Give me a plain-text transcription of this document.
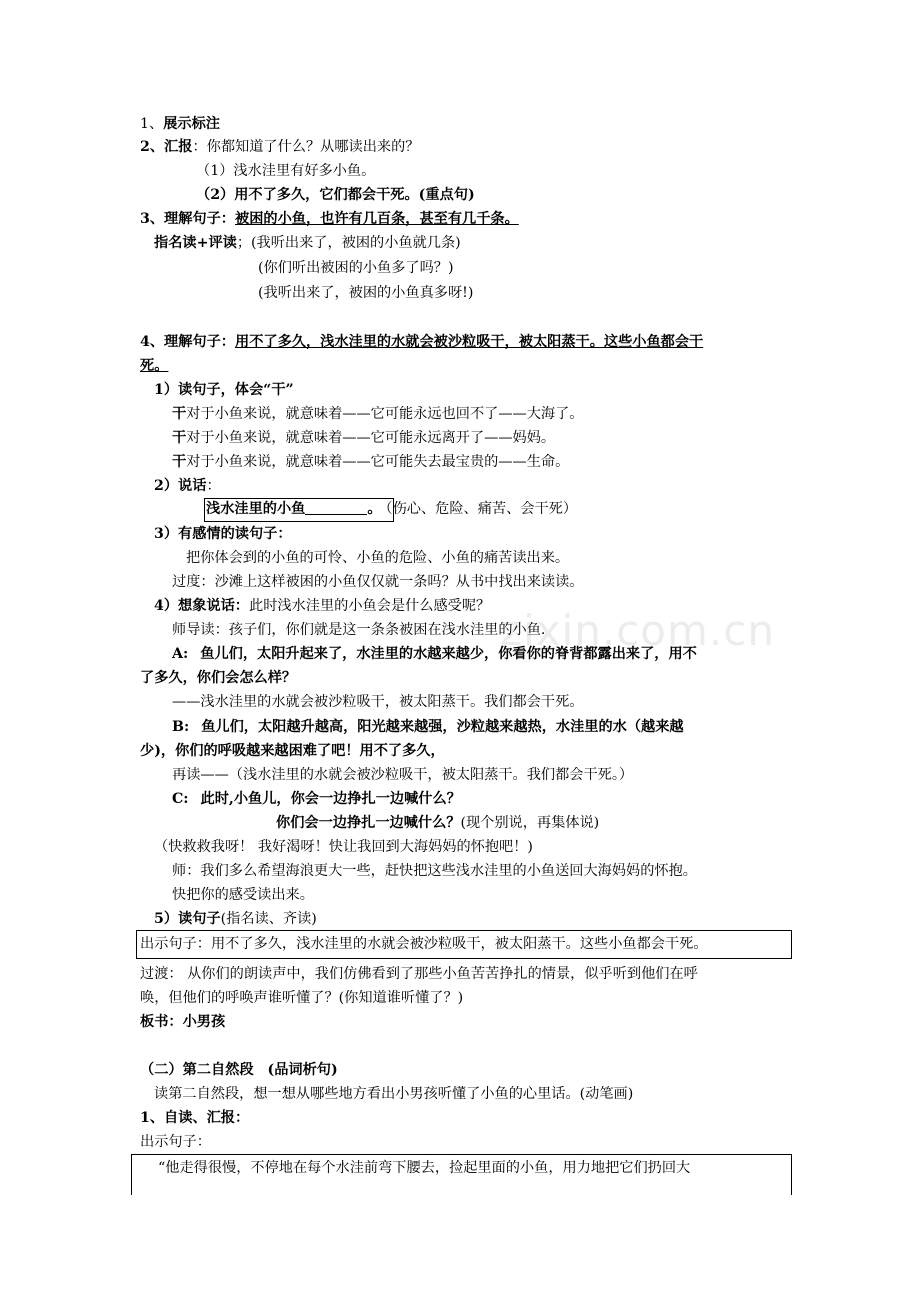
zixin.com.cn
1、展示标注
2、汇报：你都知道了什么？从哪读出来的？
（1）浅水洼里有好多小鱼。
（2）用不了多久，它们都会干死。(重点句)
3、理解句子：被困的小鱼，也许有几百条，甚至有几千条。
指名读+评读；(我听出来了，被困的小鱼就几条)
(你们听出被困的小鱼多了吗？)
(我听出来了，被困的小鱼真多呀!)
4、理解句子：用不了多久，浅水洼里的水就会被沙粒吸干，被太阳蒸干。这些小鱼都会干
死。
1）读句子，体会“干”
干对于小鱼来说，就意味着——它可能永远也回不了——大海了。
干对于小鱼来说，就意味着——它可能永远离开了——妈妈。
干对于小鱼来说，就意味着——它可能失去最宝贵的——生命。
2）说话：
浅水洼里的小鱼	。 （伤心、危险、痛苦、会干死）
3）有感情的读句子：
把你体会到的小鱼的可怜、小鱼的危险、小鱼的痛苦读出来。
过度：沙滩上这样被困的小鱼仅仅就一条吗？从书中找出来读读。
4）想象说话：此时浅水洼里的小鱼会是什么感受呢？
师导读：孩子们，你们就是这一条条被困在浅水洼里的小鱼.
A: 鱼儿们，太阳升起来了，水洼里的水越来越少，你看你的脊背都露出来了，用不
了多久，你们会怎么样？
——浅水洼里的水就会被沙粒吸干，被太阳蒸干。我们都会干死。
B: 鱼儿们，太阳越升越高，阳光越来越强，沙粒越来越热，水洼里的水（越来越
少)，你们的呼吸越来越困难了吧！用不了多久，
再读——（浅水洼里的水就会被沙粒吸干，被太阳蒸干。我们都会干死。）
C: 此时,小鱼儿，你会一边挣扎一边喊什么？
你们会一边挣扎一边喊什么？(现个别说，再集体说)
（快救救我呀！ 我好渴呀！快让我回到大海妈妈的怀抱吧！)
师：我们多么希望海浪更大一些，赶快把这些浅水洼里的小鱼送回大海妈妈的怀抱。
快把你的感受读出来。
5）读句子(指名读、齐读)
出示句子：用不了多久，浅水洼里的水就会被沙粒吸干，被太阳蒸干。这些小鱼都会干死。
过渡： 从你们的朗读声中，我们仿佛看到了那些小鱼苦苦挣扎的情景，似乎听到他们在呼
唤，但他们的呼唤声谁听懂了？(你知道谁听懂了？)
板书：小男孩
（二）第二自然段 (品词析句)
读第二自然段，想一想从哪些地方看出小男孩听懂了小鱼的心里话。(动笔画)
1、自读、汇报：
出示句子：
“他走得很慢，不停地在每个水洼前弯下腰去，捡起里面的小鱼，用力地把它们扔回大
